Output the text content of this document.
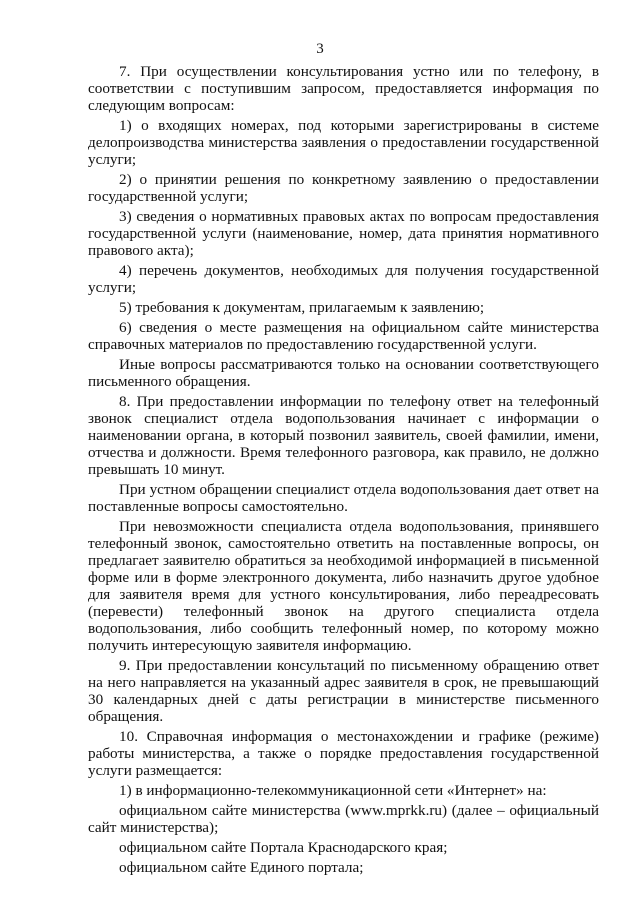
3

7. При осуществлении консультирования устно или по телефону, в соответствии с поступившим запросом, предоставляется информация по следующим вопросам:

1) о входящих номерах, под которыми зарегистрированы в системе делопроизводства министерства заявления о предоставлении государственной услуги;

2) о принятии решения по конкретному заявлению о предоставлении государственной услуги;

3) сведения о нормативных правовых актах по вопросам предоставления государственной услуги (наименование, номер, дата принятия нормативного правового акта);

4) перечень документов, необходимых для получения государственной услуги;

5) требования к документам, прилагаемым к заявлению;

6) сведения о месте размещения на официальном сайте министерства справочных материалов по предоставлению государственной услуги.

Иные вопросы рассматриваются только на основании соответствующего письменного обращения.

8. При предоставлении информации по телефону ответ на телефонный звонок специалист отдела водопользования начинает с информации о наименовании органа, в который позвонил заявитель, своей фамилии, имени, отчества и должности. Время телефонного разговора, как правило, не должно превышать 10 минут.

При устном обращении специалист отдела водопользования дает ответ на поставленные вопросы самостоятельно.

При невозможности специалиста отдела водопользования, принявшего телефонный звонок, самостоятельно ответить на поставленные вопросы, он предлагает заявителю обратиться за необходимой информацией в письменной форме или в форме электронного документа, либо назначить другое удобное для заявителя время для устного консультирования, либо переадресовать (перевести) телефонный звонок на другого специалиста отдела водопользования, либо сообщить телефонный номер, по которому можно получить интересующую заявителя информацию.

9. При предоставлении консультаций по письменному обращению ответ на него направляется на указанный адрес заявителя в срок, не превышающий 30 календарных дней с даты регистрации в министерстве письменного обращения.

10. Справочная информация о местонахождении и графике (режиме) работы министерства, а также о порядке предоставления государственной услуги размещается:

1) в информационно-телекоммуникационной сети «Интернет» на:

официальном сайте министерства (www.mprkk.ru) (далее – официальный сайт министерства);

официальном сайте Портала Краснодарского края;

официальном сайте Единого портала;
